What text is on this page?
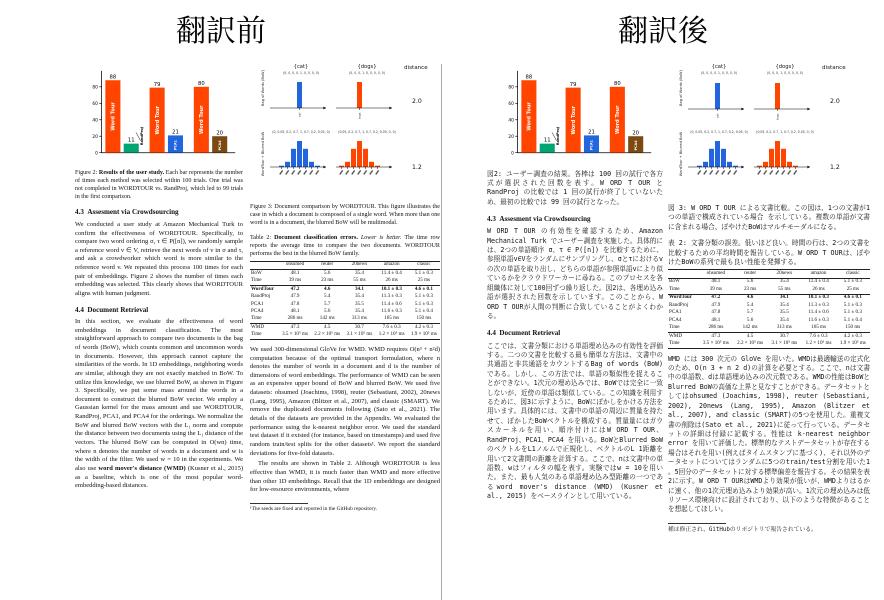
翻訳前	翻訳後
0
20
40
60
80
88
Word Tour
11 RandProj
79
Word Tour 21
PCA1
80
Word Tour 20
PCA4
Figure 2: Results of the user study. Each bar represents the number of times each method was selected within 100 trials. One trial was not completed in WORDTOUR vs. RandProj, which led to 99 trials in the first comparison.
4.3  Assesment via Crowdsourcing
We conducted a user study at Amazon Mechanical Turk to confirm the effectiveness of WORDTOUR. Specifically, to compare two word ordering σ, τ ∈ P([n]), we randomly sample a reference word v ∈ V, retrieve the next words of v in σ and τ, and ask a crowdworker which word is more similar to the reference word v. We repeated this process 100 times for each pair of embeddings. Figure 2 shows the number of times each embedding was selected. This clearly shows that WORDTOUR aligns with human judgment.
4.4  Document Retrieval
In this section, we evaluate the effectiveness of word embeddings in document classification. The most straightforward approach to compare two documents is the bag of words (BoW), which counts common and uncommon words in documents. However, this approach cannot capture the similarities of the words. In 1D embeddings, neighboring words are similar, although they are not exactly matched in BoW. To utilize this knowledge, we use blurred BoW, as shown in Figure 3. Specifically, we put some mass around the words in a document to construct the blurred BoW vector. We employ a Gaussian kernel for the mass amount and use WORDTOUR, RandProj, PCA1, and PCA4 for the orderings. We normalize the BoW and blurred BoW vectors with the L₁ norm and compute the distance between two documents using the L₁ distance of the vectors. The blurred BoW can be computed in O(wn) time, where n denotes the number of words in a document and w is the width of the filter. We used w = 10 in the experiments. We also use word mover's distance (WMD) (Kusner et al., 2015) as a baseline, which is one of the most popular word-embedding-based distances.
Bag of Words (BoW)
WordTour + Blurred BoW
distance
2.0
1.2
{cat}
(0, 0, 0, 0, 1, 0, 0, 0, 0)
cat
{dogs}
(0, 0, 0, 1, 0, 0, 0, 0, 0)
dogs
(0, 0.05, 0.2, 0.7, 1, 0.7, 0.2, 0.05, 0)	(0.05, 0.2, 0.7, 1, 0.7, 0.2, 0.05, 0, 0)
Figure 3: Document comparison by WORDTOUR. This figure illustrates the case in which a document is composed of a single word. When more than one word is in a document, the blurred BoW will be multimodal.
Table 2: Document classification errors. Lower is better. The time row reports the average time to compare the two documents. WORDTOUR performs the best in the blurred BoW family.
	ohsumed	reuter	20news	amazon	classic
BoW	48.1	5.6	35.4	11.4 ± 0.4	5.1 ± 0.3
Time	39 ms	23 ms	55 ms	26 ms	25 ms
WordTour	47.2	4.6	34.1	10.1 ± 0.3	4.6 ± 0.1
RandProj	47.9	5.4	35.4	11.3 ± 0.3	5.1 ± 0.3
PCA1	47.8	5.7	35.5	11.4 ± 0.6	5.1 ± 0.3
PCA4	48.1	5.6	35.4	11.6 ± 0.3	5.1 ± 0.4
Time	286 ms	142 ms	313 ms	165 ms	150 ms
WMD	47.3	4.5	30.7	7.6 ± 0.3	4.2 ± 0.3
Time	3.5 × 10⁵ ms	2.2 × 10⁵ ms	3.1 × 10⁵ ms	1.2 × 10⁵ ms	1.9 × 10⁵ ms
We used 300-dimensional GloVe for WMD. WMD requires O(n³ + n²d) computation because of the optimal transport formulation, where n denotes the number of words in a document and d is the number of dimensions of word embeddings. The performance of WMD can be seen as an expensive upper bound of BoW and blurred BoW. We used five datasets: ohsumed (Joachims, 1998), reuter (Sebastiani, 2002), 20news (Lang, 1995), Amazon (Blitzer et al., 2007), and classic (SMART). We remove the duplicated documents following (Sato et al., 2021). The details of the datasets are provided in the Appendix. We evaluated the performance using the k-nearest neighbor error. We used the standard test dataset if it existed (for instance, based on timestamps) and used five random train/test splits for the other datasets¹. We report the standard deviations for five-fold datasets.
The results are shown in Table 2. Although WORDTOUR is less effective than WMD, it is much faster than WMD and more effective than other 1D embeddings. Recall that the 1D embeddings are designed for low-resource environments, where
¹The seeds are fixed and reported in the GitHub repository.
0
20
40
60
80
88
Word Tour
11 RandProj
79
Word Tour 21
PCA1
80
Word Tour 20
PCA4
図2: ユーザー調査の結果。各棒は 100 回の試行で各方式が選択された回数を表す。W ORD T OUR と RandProj の比較では 1 回の試行が終了していないため、最初の比較では 99 回の試行となった。
4.3  Assesment via Crowdsourcing
W ORD T OUR の有効性を確認するため、Amazon Mechanical Turk でユーザー調査を実施した。具体的には、2つの単語順序 σ、τ ∈ P([n]) を比較するために、参照単語v∈Vをランダムにサンプリングし、σとτにおけるvの次の単語を取り出し、どちらの単語が参照単語vにより似ているかをクラウドワーカーに尋ねる。このプロセスを各組織体に対して100回ずつ繰り返した。図2は、各埋め込み語が選択された回数を示しています。このことから、W ORD T OURが人間の判断に合致していることがよくわかる。
4.4  Document Retrieval
ここでは、文書分類における単語埋め込みの有効性を評価する。二つの文書を比較する最も簡単な方法は、文書中の共通語と非共通語をカウントするBag of words (BoW)である。しかし、この方法では、単語の類似性を捉えることができない。1次元の埋め込みでは、BoWでは完全に一致しないが、近傍の単語は類似している。この知識を利用するために、図3に示すように、BoWにぼかしをかける方法を用います。具体的には、文書中の単語の周辺に質量を持たせて、ぼかしたBoWベクトルを構成する。質量量にはガウスカーネルを用い、順序付けにはW ORD T OUR、RandProj、PCA1、PCA4 を用いる。BoWとBlurred BoWのベクトルをL1ノルムで正規化し、ベクトルのL 1距離を用いて2文書間の距離を計算する。ここで、nは文書中の単語数、wはフィルタの幅を表す。実験ではw = 10を用いた。また、最も人気のある単語埋め込み型距離の一つであるword mover's distance (WMD) (Kusner et al., 2015) をベースラインとして用いている。
Bag of Words (BoW)
WordTour + Blurred BoW
distance
2.0
1.2
{cat}
(0, 0, 0, 0, 1, 0, 0, 0, 0)
cat
{dogs}
(0, 0, 0, 1, 0, 0, 0, 0, 0)
dogs
(0, 0.05, 0.2, 0.7, 1, 0.7, 0.2, 0.05, 0)	(0.05, 0.2, 0.7, 1, 0.7, 0.2, 0.05, 0, 0)
図 3: W ORD T OUR による文書比較。この図は、1つの文書が1つの単語で構成されている場合 を示している。複数の単語が文書に含まれる場合、ぼやけたBoWはマルチモーダルになる。
表 2: 文書分類の誤差。低いほど良い。時間の行は、2つの文書を比較するための平均時間を報告している。W ORD T OURは、ぼやけたBoWの系列で最も良い性能を発揮する。
	ohsumed	reuter	20news	amazon	classic
BoW	48.1	5.6	35.4	11.4 ± 0.4	5.1 ± 0.3
Time	39 ms	23 ms	55 ms	26 ms	25 ms
WordTour	47.2	4.6	34.1	10.1 ± 0.3	4.6 ± 0.1
RandProj	47.9	5.4	35.4	11.3 ± 0.3	5.1 ± 0.3
PCA1	47.8	5.7	35.5	11.4 ± 0.6	5.1 ± 0.3
PCA4	48.1	5.6	35.4	11.6 ± 0.3	5.1 ± 0.4
Time	286 ms	142 ms	313 ms	165 ms	150 ms
WMD	47.3	4.5	30.7	7.6 ± 0.3	4.2 ± 0.3
Time	3.5 × 10⁵ ms	2.2 × 10⁵ ms	3.1 × 10⁵ ms	1.2 × 10⁵ ms	1.9 × 10⁵ ms
WMD には 300 次元の GloVe を用いた。WMDは最適輸送の定式化のため、O(n 3 + n 2 d)の計算を必要とする。ここで、nは文書中の単語数、dは単語埋め込みの次元数である。WMDの性能はBoWとBlurred BoWの高価な上界と見なすことができる。データセットとしてはohsumed (Joachims, 1998), reuter (Sebastiani, 2002), 20news (Lang, 1995), Amazon (Blitzer et al., 2007), and classic (SMART)の5つを使用した。重複文書の削除は(Sato et al., 2021)に従って行っている。データセットの詳細は付録に記載する。性能は k-nearest neighbor error を用いて評価した。標準的なテストデータセットが存在する場合はそれを用い(例えばタイムスタンプに基づく)、それ以外のデータセットについてはランダムに5つのtrain/test分割を用いた1 。5回分のデータセットに対する標準偏差を報告する。その結果を表2に示す。W ORD T OURはWMDより効果が低いが、WMDよりはるかに速く、他の1次元埋め込みより効果が高い。1次元の埋め込みは低リソース環境向けに設計されており、以下のような特徴があることを想起してほしい。
種は修正され、GitHubのリポジトリで報告されている。
